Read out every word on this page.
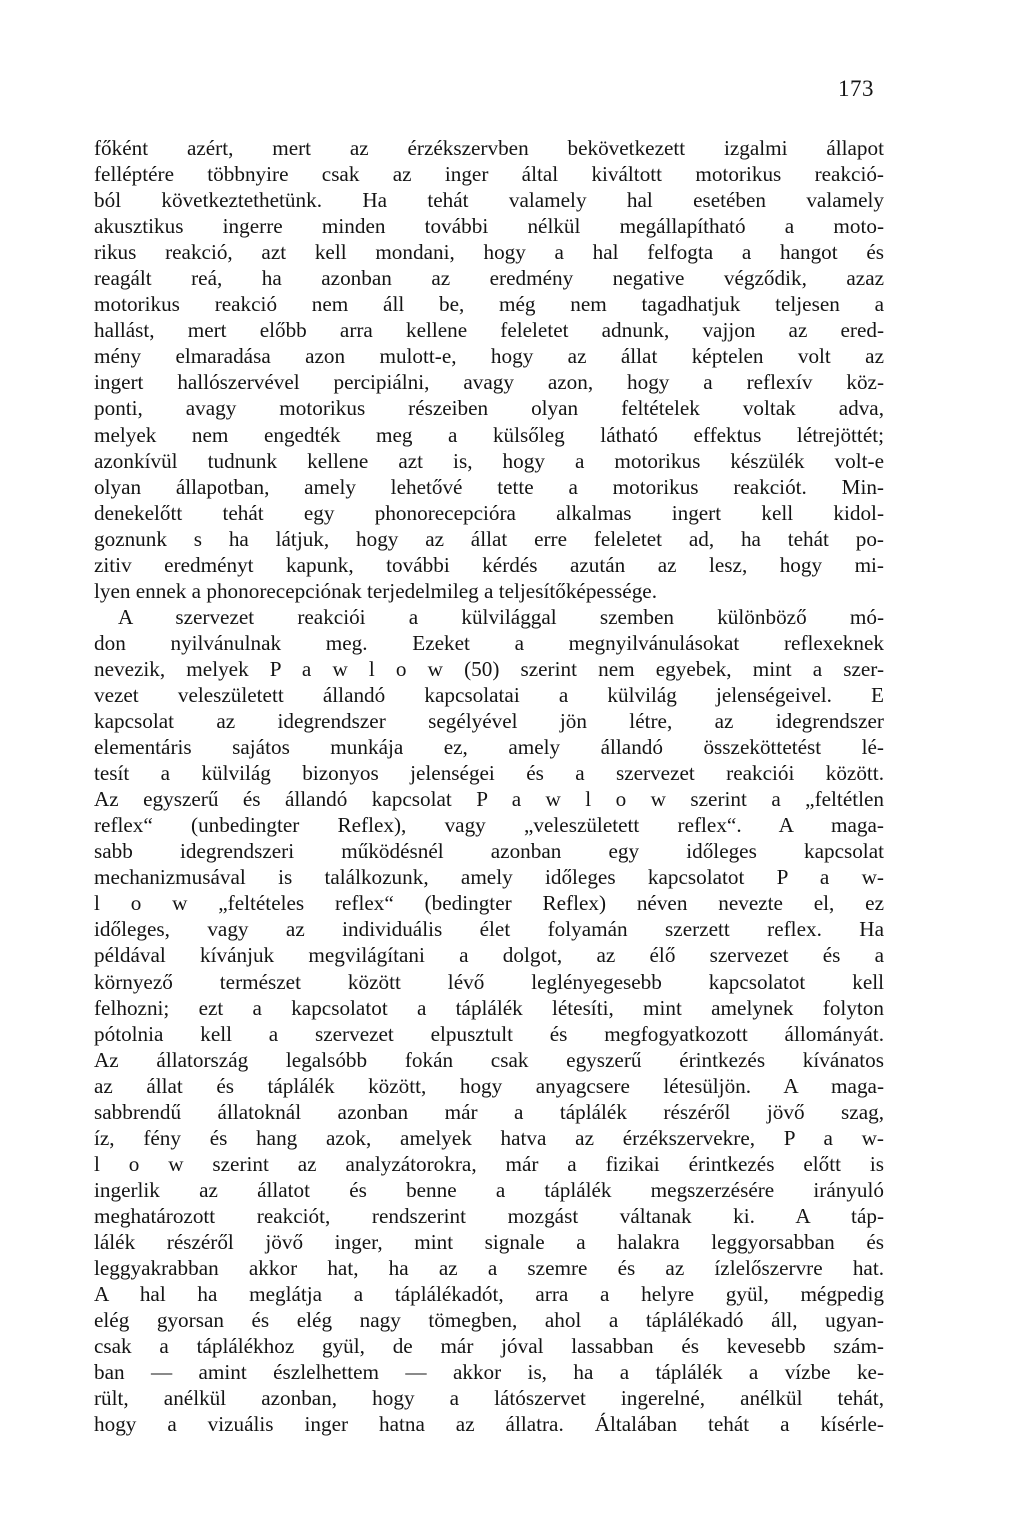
173
főként azért, mert az érzékszervben bekövetkezett izgalmi állapot
felléptére többnyire csak az inger által kiváltott motorikus reakció-
ból következtethetünk. Ha tehát valamely hal esetében valamely
akusztikus ingerre minden további nélkül megállapítható a moto-
rikus reakció, azt kell mondani, hogy a hal felfogta a hangot és
reagált reá, ha azonban az eredmény negative végződik, azaz
motorikus reakció nem áll be, még nem tagadhatjuk teljesen a
hallást, mert előbb arra kellene feleletet adnunk, vajjon az ered-
mény elmaradása azon mulott-e, hogy az állat képtelen volt az
ingert hallószervével percipiálni, avagy azon, hogy a reflexív köz-
ponti, avagy motorikus részeiben olyan feltételek voltak adva,
melyek nem engedték meg a külsőleg látható effektus létrejöttét;
azonkívül tudnunk kellene azt is, hogy a motorikus készülék volt-e
olyan állapotban, amely lehetővé tette a motorikus reakciót. Min-
denekelőtt tehát egy phonorecepcióra alkalmas ingert kell kidol-
goznunk s ha látjuk, hogy az állat erre feleletet ad, ha tehát po-
zitiv eredményt kapunk, további kérdés azután az lesz, hogy mi-
lyen ennek a phonorecepciónak terjedelmileg a teljesítőképessége.
A szervezet reakciói a külvilággal szemben különböző mó-
don nyilvánulnak meg. Ezeket a megnyilvánulásokat reflexeknek
nevezik, melyek P a w l o w (50) szerint nem egyebek, mint a szer-
vezet veleszületett állandó kapcsolatai a külvilág jelenségeivel. E
kapcsolat az idegrendszer segélyével jön létre, az idegrendszer
elementáris sajátos munkája ez, amely állandó összeköttetést lé-
tesít a külvilág bizonyos jelenségei és a szervezet reakciói között.
Az egyszerű és állandó kapcsolat P a w l o w szerint a „feltétlen
reflex“ (unbedingter Reflex), vagy „veleszületett reflex“. A maga-
sabb idegrendszeri működésnél azonban egy időleges kapcsolat
mechanizmusával is találkozunk, amely időleges kapcsolatot P a w-
l o w „feltételes reflex“ (bedingter Reflex) néven nevezte el, ez
időleges, vagy az individuális élet folyamán szerzett reflex. Ha
példával kívánjuk megvilágítani a dolgot, az élő szervezet és a
környező természet között lévő leglényegesebb kapcsolatot kell
felhozni; ezt a kapcsolatot a táplálék létesíti, mint amelynek folyton
pótolnia kell a szervezet elpusztult és megfogyatkozott állományát.
Az állatország legalsóbb fokán csak egyszerű érintkezés kívánatos
az állat és táplálék között, hogy anyagcsere létesüljön. A maga-
sabbrendű állatoknál azonban már a táplálék részéről jövő szag,
íz, fény és hang azok, amelyek hatva az érzékszervekre, P a w-
l o w szerint az analyzátorokra, már a fizikai érintkezés előtt is
ingerlik az állatot és benne a táplálék megszerzésére irányuló
meghatározott reakciót, rendszerint mozgást váltanak ki. A táp-
lálék részéről jövő inger, mint signale a halakra leggyorsabban és
leggyakrabban akkor hat, ha az a szemre és az ízlelőszervre hat.
A hal ha meglátja a táplálékadót, arra a helyre gyül, mégpedig
elég gyorsan és elég nagy tömegben, ahol a táplálékadó áll, ugyan-
csak a táplálékhoz gyül, de már jóval lassabban és kevesebb szám-
ban — amint észlelhettem — akkor is, ha a táplálék a vízbe ke-
rült, anélkül azonban, hogy a látószervet ingerelné, anélkül tehát,
hogy a vizuális inger hatna az állatra. Általában tehát a kísérle-
